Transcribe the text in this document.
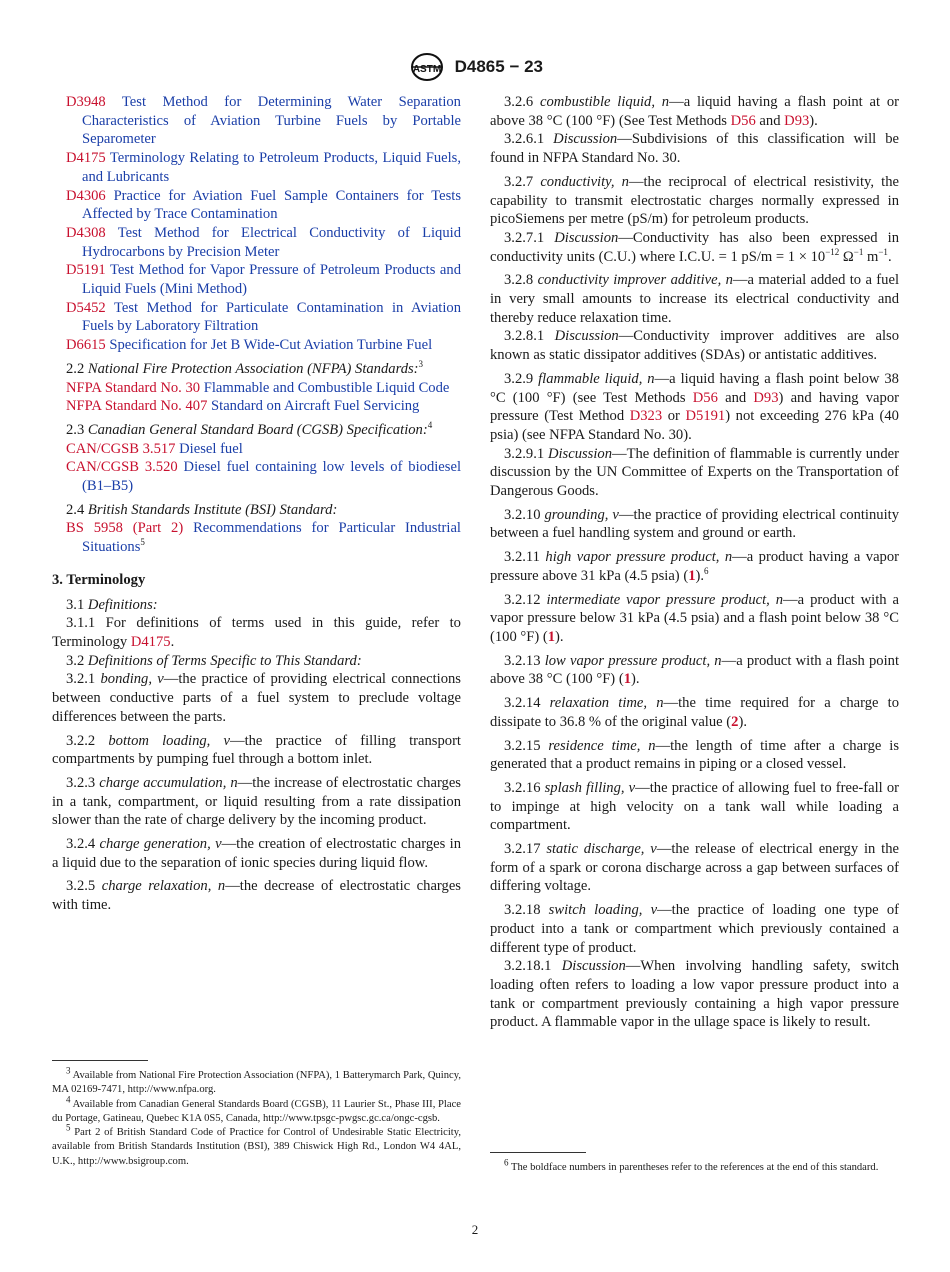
ASTM D4865 − 23

D3948 Test Method for Determining Water Separation Characteristics of Aviation Turbine Fuels by Portable Separometer

D4175 Terminology Relating to Petroleum Products, Liquid Fuels, and Lubricants

D4306 Practice for Aviation Fuel Sample Containers for Tests Affected by Trace Contamination

D4308 Test Method for Electrical Conductivity of Liquid Hydrocarbons by Precision Meter

D5191 Test Method for Vapor Pressure of Petroleum Products and Liquid Fuels (Mini Method)

D5452 Test Method for Particulate Contamination in Aviation Fuels by Laboratory Filtration

D6615 Specification for Jet B Wide-Cut Aviation Turbine Fuel

2.2 National Fire Protection Association (NFPA) Standards:$^3$

NFPA Standard No. 30 Flammable and Combustible Liquid Code

NFPA Standard No. 407 Standard on Aircraft Fuel Servicing

2.3 Canadian General Standard Board (CGSB) Specification:$^4$

CAN/CGSB 3.517 Diesel fuel

CAN/CGSB 3.520 Diesel fuel containing low levels of biodiesel (B1–B5)

2.4 British Standards Institute (BSI) Standard:

BS 5958 (Part 2) Recommendations for Particular Industrial Situations$^5$

3. Terminology

3.1 Definitions:

3.1.1 For definitions of terms used in this guide, refer to Terminology D4175.

3.2 Definitions of Terms Specific to This Standard:

3.2.1 bonding, v—the practice of providing electrical connections between conductive parts of a fuel system to preclude voltage differences between the parts.

3.2.2 bottom loading, v—the practice of filling transport compartments by pumping fuel through a bottom inlet.

3.2.3 charge accumulation, n—the increase of electrostatic charges in a tank, compartment, or liquid resulting from a rate dissipation slower than the rate of charge delivery by the incoming product.

3.2.4 charge generation, v—the creation of electrostatic charges in a liquid due to the separation of ionic species during liquid flow.

3.2.5 charge relaxation, n—the decrease of electrostatic charges with time.

$^3$ Available from National Fire Protection Association (NFPA), 1 Batterymarch Park, Quincy, MA 02169-7471, http://www.nfpa.org.

$^4$ Available from Canadian General Standards Board (CGSB), 11 Laurier St., Phase III, Place du Portage, Gatineau, Quebec K1A 0S5, Canada, http://www.tpsgc-pwgsc.gc.ca/ongc-cgsb.

$^5$ Part 2 of British Standard Code of Practice for Control of Undesirable Static Electricity, available from British Standards Institution (BSI), 389 Chiswick High Rd., London W4 4AL, U.K., http://www.bsigroup.com.

3.2.6 combustible liquid, n—a liquid having a flash point at or above 38 °C (100 °F) (See Test Methods D56 and D93).

3.2.6.1 Discussion—Subdivisions of this classification will be found in NFPA Standard No. 30.

3.2.7 conductivity, n—the reciprocal of electrical resistivity, the capability to transmit electrostatic charges normally expressed in picoSiemens per metre (pS/m) for petroleum products.

3.2.7.1 Discussion—Conductivity has also been expressed in conductivity units (C.U.) where I.C.U. = 1 $pS/m = 1 \times 10^{-12}$ $\Omega^{-1}$ $m^{-1}$.

3.2.8 conductivity improver additive, n—a material added to a fuel in very small amounts to increase its electrical conductivity and thereby reduce relaxation time.

3.2.8.1 Discussion—Conductivity improver additives are also known as static dissipator additives (SDAs) or antistatic additives.

3.2.9 flammable liquid, n—a liquid having a flash point below 38 °C (100 °F) (see Test Methods D56 and D93) and having vapor pressure (Test Method D323 or D5191) not exceeding 276 kPa (40 psia) (see NFPA Standard No. 30).

3.2.9.1 Discussion—The definition of flammable is currently under discussion by the UN Committee of Experts on the Transportation of Dangerous Goods.

3.2.10 grounding, v—the practice of providing electrical continuity between a fuel handling system and ground or earth.

3.2.11 high vapor pressure product, n—a product having a vapor pressure above 31 kPa (4.5 psia) (1).$^6$

3.2.12 intermediate vapor pressure product, n—a product with a vapor pressure below 31 kPa (4.5 psia) and a flash point below 38 °C (100 °F) (1).

3.2.13 low vapor pressure product, n—a product with a flash point above 38 °C (100 °F) (1).

3.2.14 relaxation time, n—the time required for a charge to dissipate to 36.8 % of the original value (2).

3.2.15 residence time, n—the length of time after a charge is generated that a product remains in piping or a closed vessel.

3.2.16 splash filling, v—the practice of allowing fuel to free-fall or to impinge at high velocity on a tank wall while loading a compartment.

3.2.17 static discharge, v—the release of electrical energy in the form of a spark or corona discharge across a gap between surfaces of differing voltage.

3.2.18 switch loading, v—the practice of loading one type of product into a tank or compartment which previously contained a different type of product.

3.2.18.1 Discussion—When involving handling safety, switch loading often refers to loading a low vapor pressure product into a tank or compartment previously containing a high vapor pressure product. A flammable vapor in the ullage space is likely to result.

$^6$ The boldface numbers in parentheses refer to the references at the end of this standard.

2
